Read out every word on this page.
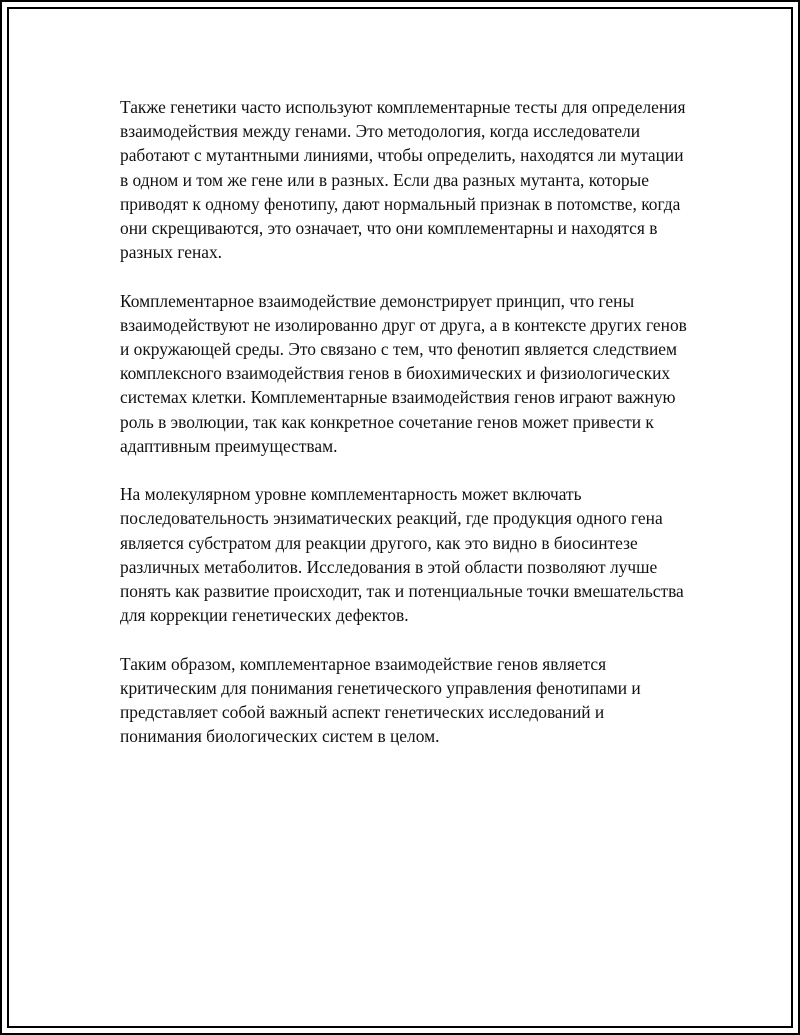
Также генетики часто используют комплементарные тесты для определения взаимодействия между генами. Это методология, когда исследователи работают с мутантными линиями, чтобы определить, находятся ли мутации в одном и том же гене или в разных. Если два разных мутанта, которые приводят к одному фенотипу, дают нормальный признак в потомстве, когда они скрещиваются, это означает, что они комплементарны и находятся в разных генах.

Комплементарное взаимодействие демонстрирует принцип, что гены взаимодействуют не изолированно друг от друга, а в контексте других генов и окружающей среды. Это связано с тем, что фенотип является следствием комплексного взаимодействия генов в биохимических и физиологических системах клетки. Комплементарные взаимодействия генов играют важную роль в эволюции, так как конкретное сочетание генов может привести к адаптивным преимуществам.

На молекулярном уровне комплементарность может включать последовательность энзиматических реакций, где продукция одного гена является субстратом для реакции другого, как это видно в биосинтезе различных метаболитов. Исследования в этой области позволяют лучше понять как развитие происходит, так и потенциальные точки вмешательства для коррекции генетических дефектов.

Таким образом, комплементарное взаимодействие генов является критическим для понимания генетического управления фенотипами и представляет собой важный аспект генетических исследований и понимания биологических систем в целом.
